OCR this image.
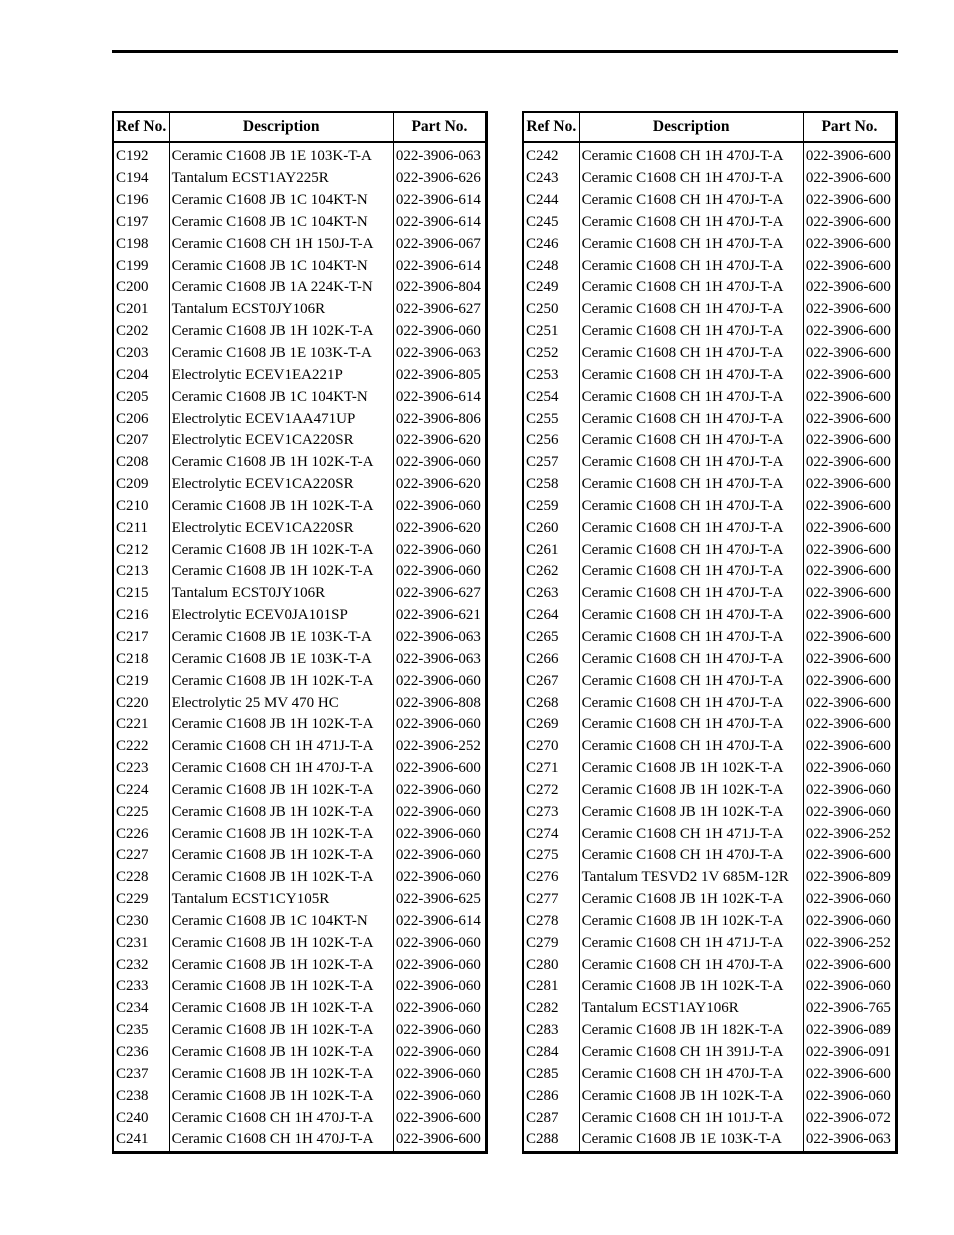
Ref No.	Description	Part No.
C192	Ceramic C1608 JB 1E 103K-T-A	022-3906-063
C194	Tantalum ECST1AY225R	022-3906-626
C196	Ceramic C1608 JB 1C 104KT-N	022-3906-614
C197	Ceramic C1608 JB 1C 104KT-N	022-3906-614
C198	Ceramic C1608 CH 1H 150J-T-A	022-3906-067
C199	Ceramic C1608 JB 1C 104KT-N	022-3906-614
C200	Ceramic C1608 JB 1A 224K-T-N	022-3906-804
C201	Tantalum ECST0JY106R	022-3906-627
C202	Ceramic C1608 JB 1H 102K-T-A	022-3906-060
C203	Ceramic C1608 JB 1E 103K-T-A	022-3906-063
C204	Electrolytic ECEV1EA221P	022-3906-805
C205	Ceramic C1608 JB 1C 104KT-N	022-3906-614
C206	Electrolytic ECEV1AA471UP	022-3906-806
C207	Electrolytic ECEV1CA220SR	022-3906-620
C208	Ceramic C1608 JB 1H 102K-T-A	022-3906-060
C209	Electrolytic ECEV1CA220SR	022-3906-620
C210	Ceramic C1608 JB 1H 102K-T-A	022-3906-060
C211	Electrolytic ECEV1CA220SR	022-3906-620
C212	Ceramic C1608 JB 1H 102K-T-A	022-3906-060
C213	Ceramic C1608 JB 1H 102K-T-A	022-3906-060
C215	Tantalum ECST0JY106R	022-3906-627
C216	Electrolytic ECEV0JA101SP	022-3906-621
C217	Ceramic C1608 JB 1E 103K-T-A	022-3906-063
C218	Ceramic C1608 JB 1E 103K-T-A	022-3906-063
C219	Ceramic C1608 JB 1H 102K-T-A	022-3906-060
C220	Electrolytic 25 MV 470 HC	022-3906-808
C221	Ceramic C1608 JB 1H 102K-T-A	022-3906-060
C222	Ceramic C1608 CH 1H 471J-T-A	022-3906-252
C223	Ceramic C1608 CH 1H 470J-T-A	022-3906-600
C224	Ceramic C1608 JB 1H 102K-T-A	022-3906-060
C225	Ceramic C1608 JB 1H 102K-T-A	022-3906-060
C226	Ceramic C1608 JB 1H 102K-T-A	022-3906-060
C227	Ceramic C1608 JB 1H 102K-T-A	022-3906-060
C228	Ceramic C1608 JB 1H 102K-T-A	022-3906-060
C229	Tantalum ECST1CY105R	022-3906-625
C230	Ceramic C1608 JB 1C 104KT-N	022-3906-614
C231	Ceramic C1608 JB 1H 102K-T-A	022-3906-060
C232	Ceramic C1608 JB 1H 102K-T-A	022-3906-060
C233	Ceramic C1608 JB 1H 102K-T-A	022-3906-060
C234	Ceramic C1608 JB 1H 102K-T-A	022-3906-060
C235	Ceramic C1608 JB 1H 102K-T-A	022-3906-060
C236	Ceramic C1608 JB 1H 102K-T-A	022-3906-060
C237	Ceramic C1608 JB 1H 102K-T-A	022-3906-060
C238	Ceramic C1608 JB 1H 102K-T-A	022-3906-060
C240	Ceramic C1608 CH 1H 470J-T-A	022-3906-600
C241	Ceramic C1608 CH 1H 470J-T-A	022-3906-600
Ref No.	Description	Part No.
C242	Ceramic C1608 CH 1H 470J-T-A	022-3906-600
C243	Ceramic C1608 CH 1H 470J-T-A	022-3906-600
C244	Ceramic C1608 CH 1H 470J-T-A	022-3906-600
C245	Ceramic C1608 CH 1H 470J-T-A	022-3906-600
C246	Ceramic C1608 CH 1H 470J-T-A	022-3906-600
C248	Ceramic C1608 CH 1H 470J-T-A	022-3906-600
C249	Ceramic C1608 CH 1H 470J-T-A	022-3906-600
C250	Ceramic C1608 CH 1H 470J-T-A	022-3906-600
C251	Ceramic C1608 CH 1H 470J-T-A	022-3906-600
C252	Ceramic C1608 CH 1H 470J-T-A	022-3906-600
C253	Ceramic C1608 CH 1H 470J-T-A	022-3906-600
C254	Ceramic C1608 CH 1H 470J-T-A	022-3906-600
C255	Ceramic C1608 CH 1H 470J-T-A	022-3906-600
C256	Ceramic C1608 CH 1H 470J-T-A	022-3906-600
C257	Ceramic C1608 CH 1H 470J-T-A	022-3906-600
C258	Ceramic C1608 CH 1H 470J-T-A	022-3906-600
C259	Ceramic C1608 CH 1H 470J-T-A	022-3906-600
C260	Ceramic C1608 CH 1H 470J-T-A	022-3906-600
C261	Ceramic C1608 CH 1H 470J-T-A	022-3906-600
C262	Ceramic C1608 CH 1H 470J-T-A	022-3906-600
C263	Ceramic C1608 CH 1H 470J-T-A	022-3906-600
C264	Ceramic C1608 CH 1H 470J-T-A	022-3906-600
C265	Ceramic C1608 CH 1H 470J-T-A	022-3906-600
C266	Ceramic C1608 CH 1H 470J-T-A	022-3906-600
C267	Ceramic C1608 CH 1H 470J-T-A	022-3906-600
C268	Ceramic C1608 CH 1H 470J-T-A	022-3906-600
C269	Ceramic C1608 CH 1H 470J-T-A	022-3906-600
C270	Ceramic C1608 CH 1H 470J-T-A	022-3906-600
C271	Ceramic C1608 JB 1H 102K-T-A	022-3906-060
C272	Ceramic C1608 JB 1H 102K-T-A	022-3906-060
C273	Ceramic C1608 JB 1H 102K-T-A	022-3906-060
C274	Ceramic C1608 CH 1H 471J-T-A	022-3906-252
C275	Ceramic C1608 CH 1H 470J-T-A	022-3906-600
C276	Tantalum TESVD2 1V 685M-12R	022-3906-809
C277	Ceramic C1608 JB 1H 102K-T-A	022-3906-060
C278	Ceramic C1608 JB 1H 102K-T-A	022-3906-060
C279	Ceramic C1608 CH 1H 471J-T-A	022-3906-252
C280	Ceramic C1608 CH 1H 470J-T-A	022-3906-600
C281	Ceramic C1608 JB 1H 102K-T-A	022-3906-060
C282	Tantalum ECST1AY106R	022-3906-765
C283	Ceramic C1608 JB 1H 182K-T-A	022-3906-089
C284	Ceramic C1608 CH 1H 391J-T-A	022-3906-091
C285	Ceramic C1608 CH 1H 470J-T-A	022-3906-600
C286	Ceramic C1608 JB 1H 102K-T-A	022-3906-060
C287	Ceramic C1608 CH 1H 101J-T-A	022-3906-072
C288	Ceramic C1608 JB 1E 103K-T-A	022-3906-063
